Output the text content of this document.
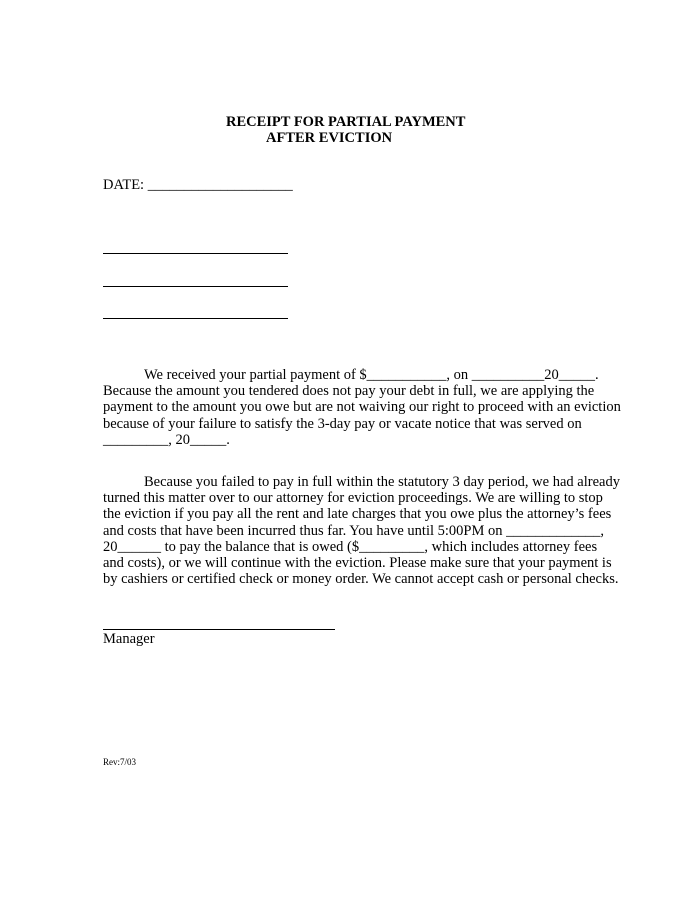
RECEIPT FOR PARTIAL PAYMENT
AFTER EVICTION
DATE: ____________________
We received your partial payment of $___________, on __________20_____.
Because the amount you tendered does not pay your debt in full, we are applying the
payment to the amount you owe but are not waiving our right to proceed with an eviction
because of your failure to satisfy the 3-day pay or vacate notice that was served on
_________, 20_____.
Because you failed to pay in full within the statutory 3 day period, we had already
turned this matter over to our attorney for eviction proceedings. We are willing to stop
the eviction if you pay all the rent and late charges that you owe plus the attorney’s fees
and costs that have been incurred thus far. You have until 5:00PM on _____________,
20______ to pay the balance that is owed ($_________, which includes attorney fees
and costs), or we will continue with the eviction. Please make sure that your payment is
by cashiers or certified check or money order. We cannot accept cash or personal checks.
Manager
Rev:7/03
